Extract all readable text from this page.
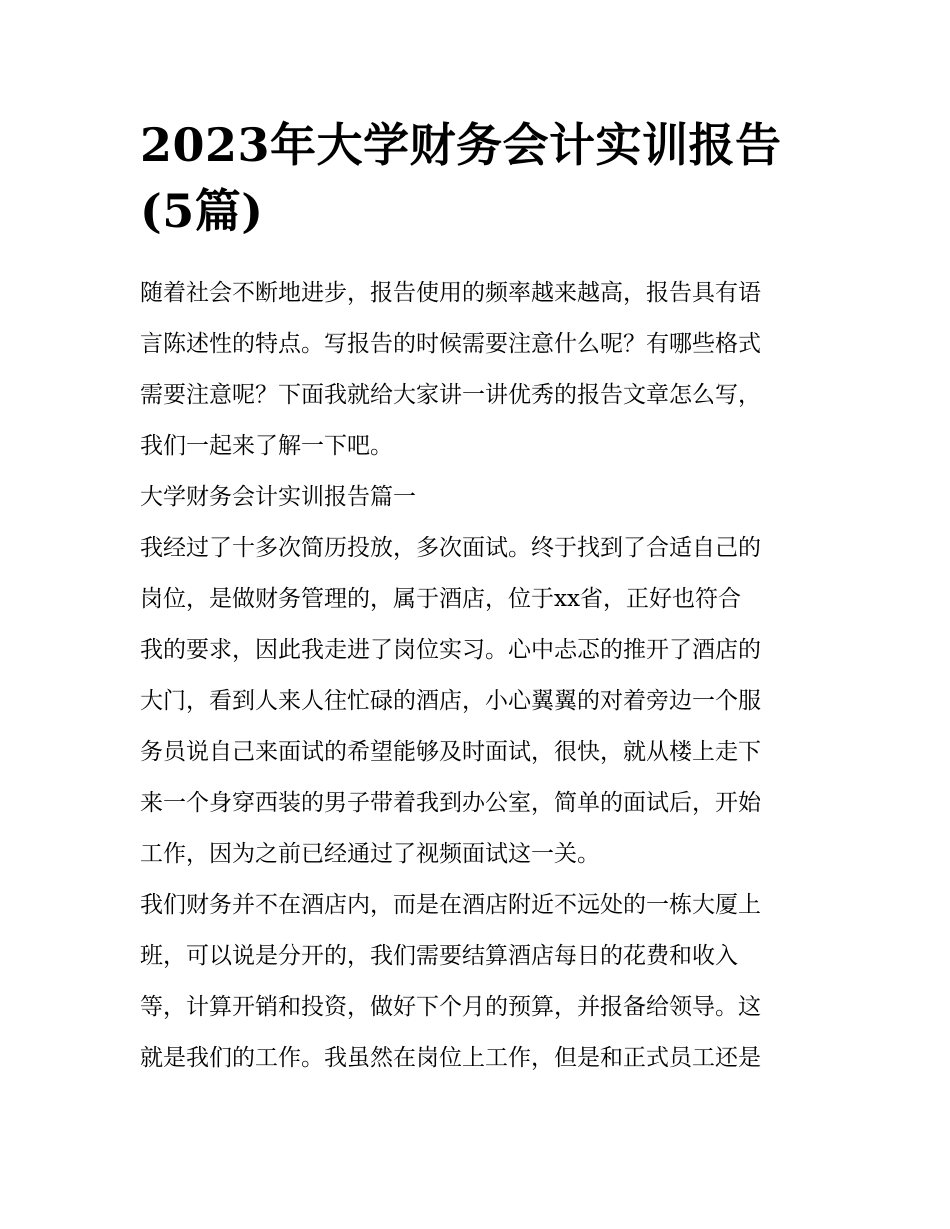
2023年大学财务会计实训报告
(5篇)

随着社会不断地进步，报告使用的频率越来越高，报告具有语
言陈述性的特点。写报告的时候需要注意什么呢？有哪些格式
需要注意呢？下面我就给大家讲一讲优秀的报告文章怎么写，
我们一起来了解一下吧。

大学财务会计实训报告篇一

我经过了十多次简历投放，多次面试。终于找到了合适自己的
岗位，是做财务管理的，属于酒店，位于xx省，正好也符合
我的要求，因此我走进了岗位实习。心中忐忑的推开了酒店的
大门，看到人来人往忙碌的酒店，小心翼翼的对着旁边一个服
务员说自己来面试的希望能够及时面试，很快，就从楼上走下
来一个身穿西装的男子带着我到办公室，简单的面试后，开始
工作，因为之前已经通过了视频面试这一关。

我们财务并不在酒店内，而是在酒店附近不远处的一栋大厦上
班，可以说是分开的，我们需要结算酒店每日的花费和收入
等，计算开销和投资，做好下个月的预算，并报备给领导。这
就是我们的工作。我虽然在岗位上工作，但是和正式员工还是
